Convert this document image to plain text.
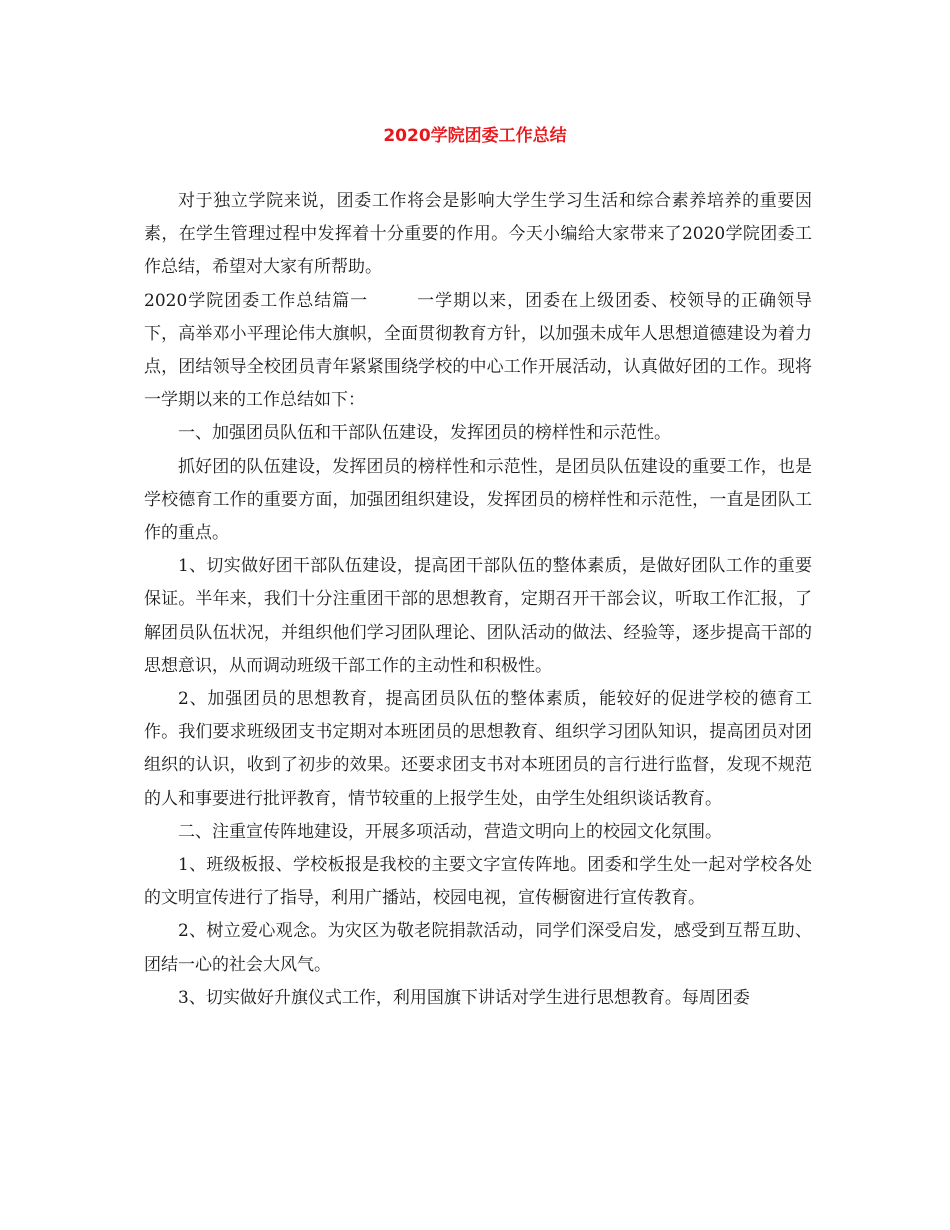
2020学院团委工作总结

对于独立学院来说，团委工作将会是影响大学生学习生活和综合素养培养的重要因素，在学生管理过程中发挥着十分重要的作用。今天小编给大家带来了2020学院团委工作总结，希望对大家有所帮助。

2020学院团委工作总结篇一	一学期以来，团委在上级团委、校领导的正确领导下，高举邓小平理论伟大旗帜，全面贯彻教育方针，以加强未成年人思想道德建设为着力点，团结领导全校团员青年紧紧围绕学校的中心工作开展活动，认真做好团的工作。现将一学期以来的工作总结如下：

一、加强团员队伍和干部队伍建设，发挥团员的榜样性和示范性。

抓好团的队伍建设，发挥团员的榜样性和示范性，是团员队伍建设的重要工作，也是学校德育工作的重要方面，加强团组织建设，发挥团员的榜样性和示范性，一直是团队工作的重点。

1、切实做好团干部队伍建设，提高团干部队伍的整体素质，是做好团队工作的重要保证。半年来，我们十分注重团干部的思想教育，定期召开干部会议，听取工作汇报，了解团员队伍状况，并组织他们学习团队理论、团队活动的做法、经验等，逐步提高干部的思想意识，从而调动班级干部工作的主动性和积极性。

2、加强团员的思想教育，提高团员队伍的整体素质，能较好的促进学校的德育工作。我们要求班级团支书定期对本班团员的思想教育、组织学习团队知识，提高团员对团组织的认识，收到了初步的效果。还要求团支书对本班团员的言行进行监督，发现不规范的人和事要进行批评教育，情节较重的上报学生处，由学生处组织谈话教育。

二、注重宣传阵地建设，开展多项活动，营造文明向上的校园文化氛围。

1、班级板报、学校板报是我校的主要文字宣传阵地。团委和学生处一起对学校各处的文明宣传进行了指导，利用广播站，校园电视，宣传橱窗进行宣传教育。

2、树立爱心观念。为灾区为敬老院捐款活动，同学们深受启发，感受到互帮互助、团结一心的社会大风气。

3、切实做好升旗仪式工作，利用国旗下讲话对学生进行思想教育。每周团委
